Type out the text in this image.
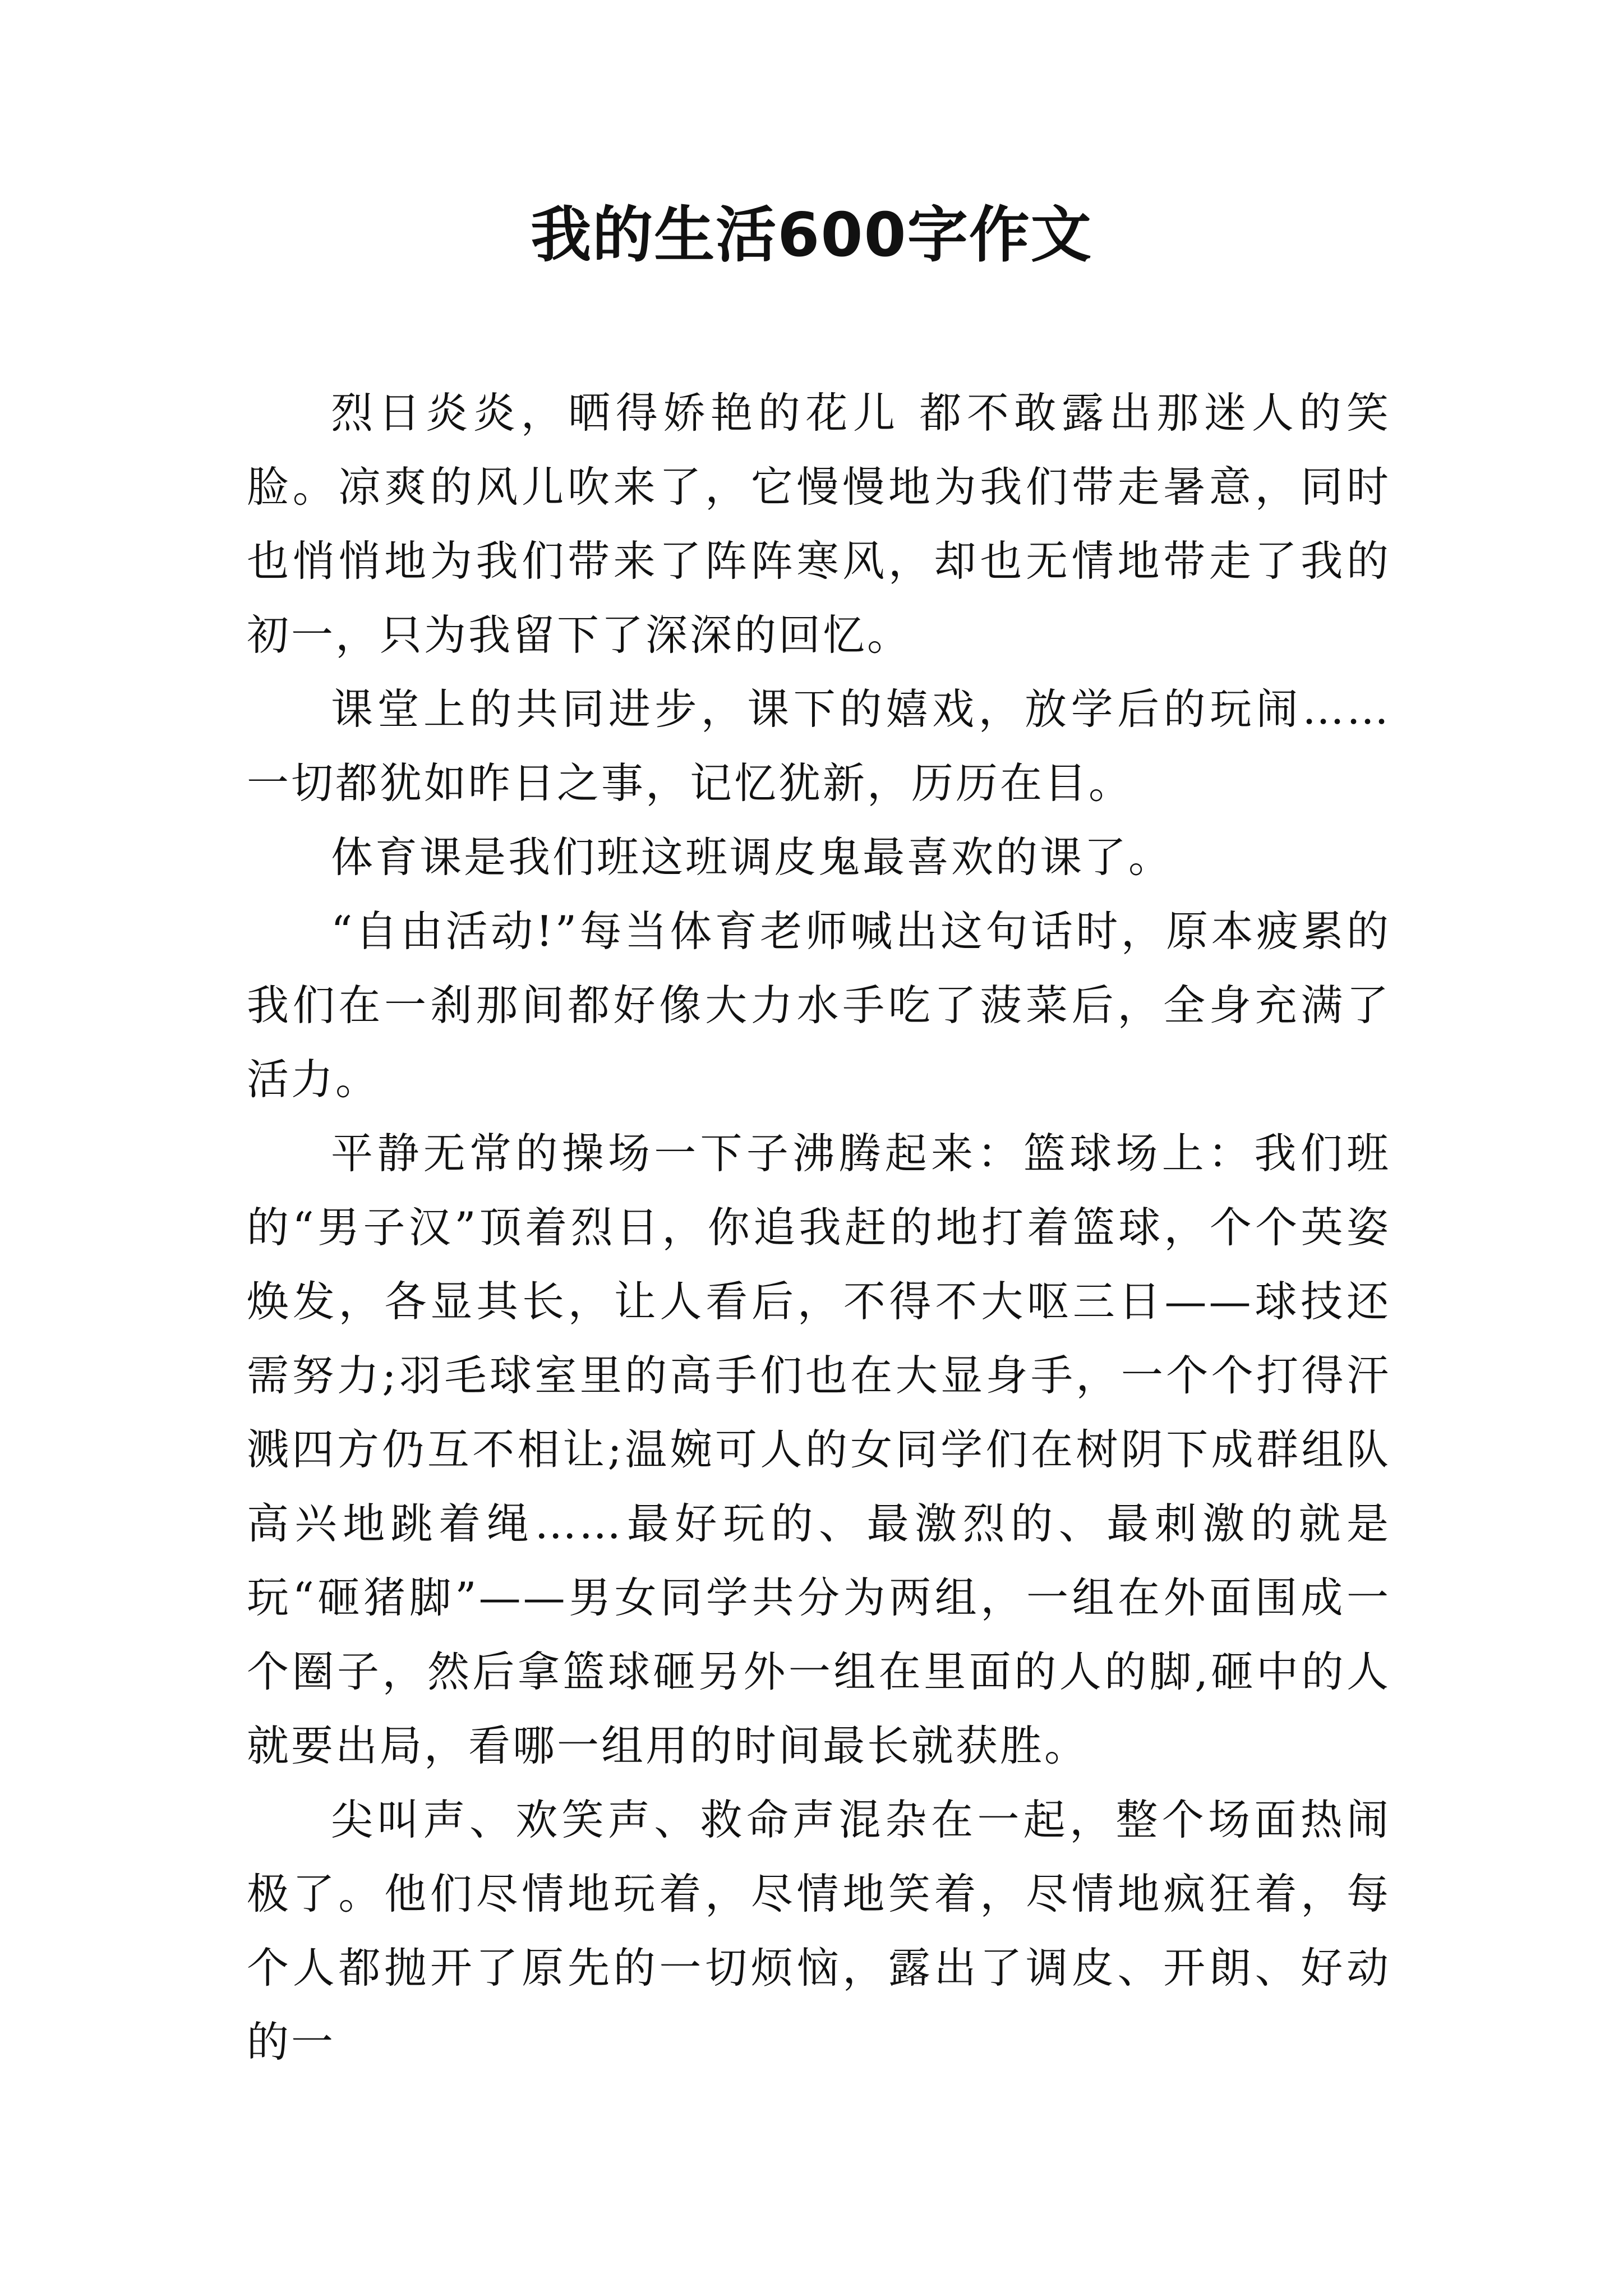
我的生活600字作文

烈日炎炎，晒得娇艳的花儿 都不敢露出那迷人的笑脸。凉爽的风儿吹来了，它慢慢地为我们带走暑意，同时也悄悄地为我们带来了阵阵寒风，却也无情地带走了我的初一，只为我留下了深深的回忆。

课堂上的共同进步，课下的嬉戏，放学后的玩闹……一切都犹如昨日之事，记忆犹新，历历在目。

体育课是我们班这班调皮鬼最喜欢的课了。

“自由活动!”每当体育老师喊出这句话时，原本疲累的我们在一刹那间都好像大力水手吃了菠菜后，全身充满了活力。

平静无常的操场一下子沸腾起来：篮球场上：我们班的“男子汉”顶着烈日，你追我赶的地打着篮球，个个英姿焕发，各显其长，让人看后，不得不大呕三日——球技还需努力;羽毛球室里的高手们也在大显身手，一个个打得汗溅四方仍互不相让;温婉可人的女同学们在树阴下成群组队高兴地跳着绳……最好玩的、最激烈的、最刺激的就是玩“砸猪脚”——男女同学共分为两组，一组在外面围成一个圈子，然后拿篮球砸另外一组在里面的人的脚,砸中的人就要出局，看哪一组用的时间最长就获胜。

尖叫声、欢笑声、救命声混杂在一起，整个场面热闹极了。他们尽情地玩着，尽情地笑着，尽情地疯狂着，每个人都抛开了原先的一切烦恼，露出了调皮、开朗、好动的一
